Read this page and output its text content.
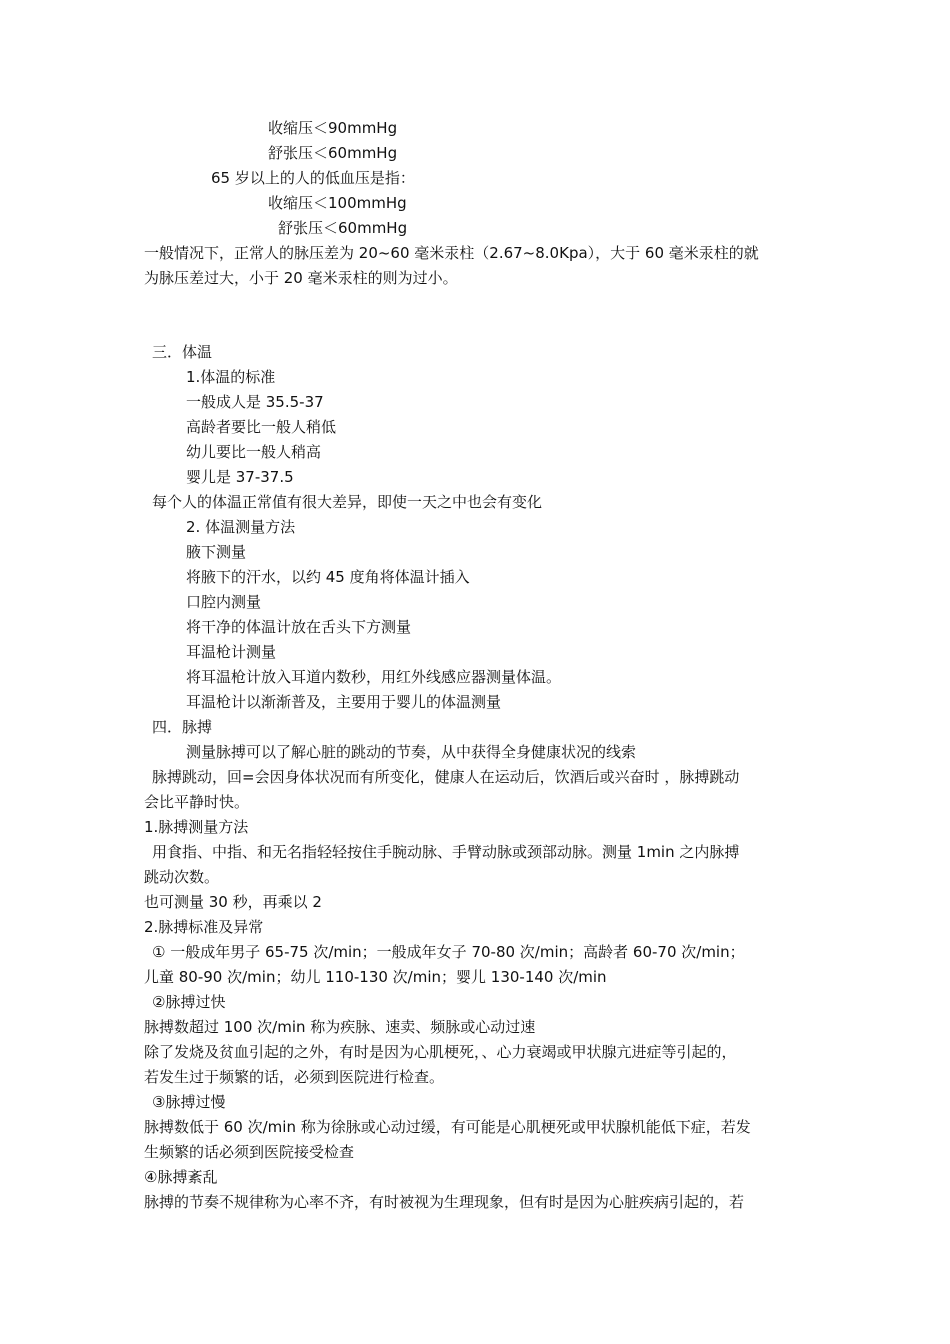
收缩压＜90mmHg
舒张压＜60mmHg
65 岁以上的人的低血压是指：
收缩压＜100mmHg
舒张压＜60mmHg
一般情况下，正常人的脉压差为 20~60 毫米汞柱（2.67~8.0Kpa），大于 60 毫米汞柱的就
为脉压差过大，小于 20 毫米汞柱的则为过小。
三．体温
1.体温的标准
一般成人是 35.5-37
高龄者要比一般人稍低
幼儿要比一般人稍高
婴儿是 37-37.5
每个人的体温正常值有很大差异，即使一天之中也会有变化
2. 体温测量方法
腋下测量
将腋下的汗水，以约 45 度角将体温计插入
口腔内测量
将干净的体温计放在舌头下方测量
耳温枪计测量
将耳温枪计放入耳道内数秒，用红外线感应器测量体温。
耳温枪计以渐渐普及，主要用于婴儿的体温测量
四．脉搏
测量脉搏可以了解心脏的跳动的节奏，从中获得全身健康状况的线索
脉搏跳动，回=会因身体状况而有所变化，健康人在运动后，饮酒后或兴奋时 ，脉搏跳动
会比平静时快。
1.脉搏测量方法
用食指、中指、和无名指轻轻按住手腕动脉、手臂动脉或颈部动脉。测量 1min 之内脉搏
跳动次数。
也可测量 30 秒，再乘以 2
2.脉搏标准及异常
① 一般成年男子 65-75 次/min；一般成年女子 70-80 次/min；高龄者 60-70 次/min；
儿童 80-90 次/min；幼儿 110-130 次/min；婴儿 130-140 次/min
②脉搏过快
脉搏数超过 100 次/min 称为疾脉、速卖、频脉或心动过速
除了发烧及贫血引起的之外，有时是因为心肌梗死，、心力衰竭或甲状腺亢进症等引起的，
若发生过于频繁的话，必须到医院进行检查。
③脉搏过慢
脉搏数低于 60 次/min 称为徐脉或心动过缓，有可能是心肌梗死或甲状腺机能低下症，若发
生频繁的话必须到医院接受检查
④脉搏紊乱
脉搏的节奏不规律称为心率不齐，有时被视为生理现象，但有时是因为心脏疾病引起的，若
